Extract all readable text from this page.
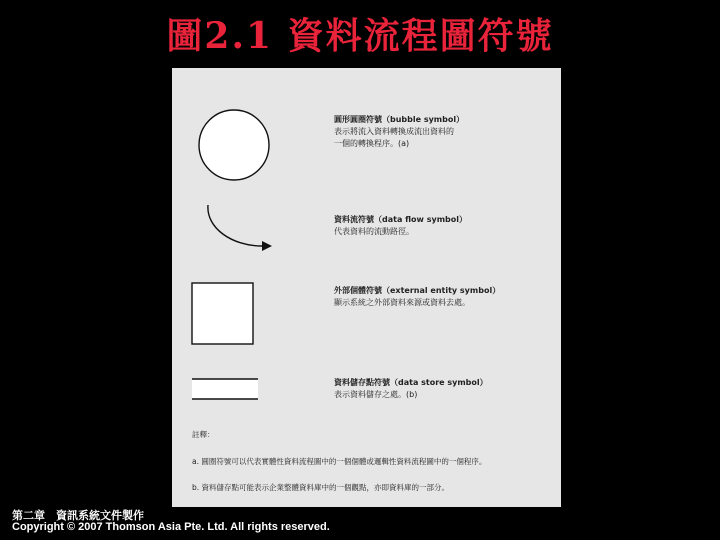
圖2.1 資料流程圖符號
圓形圓圈符號（bubble symbol）
表示將流入資料轉換成流出資料的
一個的轉換程序。(a)
資料流符號（data flow symbol）
代表資料的流動路徑。
外部個體符號（external entity symbol）
顯示系統之外部資料來源或資料去處。
資料儲存點符號（data store symbol）
表示資料儲存之處。(b)
註釋：
a. 圓圈符號可以代表實體性資料流程圖中的一個個體或邏輯性資料流程圖中的一個程序。
b. 資料儲存點可能表示企業整體資料庫中的一個觀點，亦即資料庫的一部分。
第二章　資訊系統文件製作
Copyright © 2007 Thomson Asia Pte. Ltd. All rights reserved.
